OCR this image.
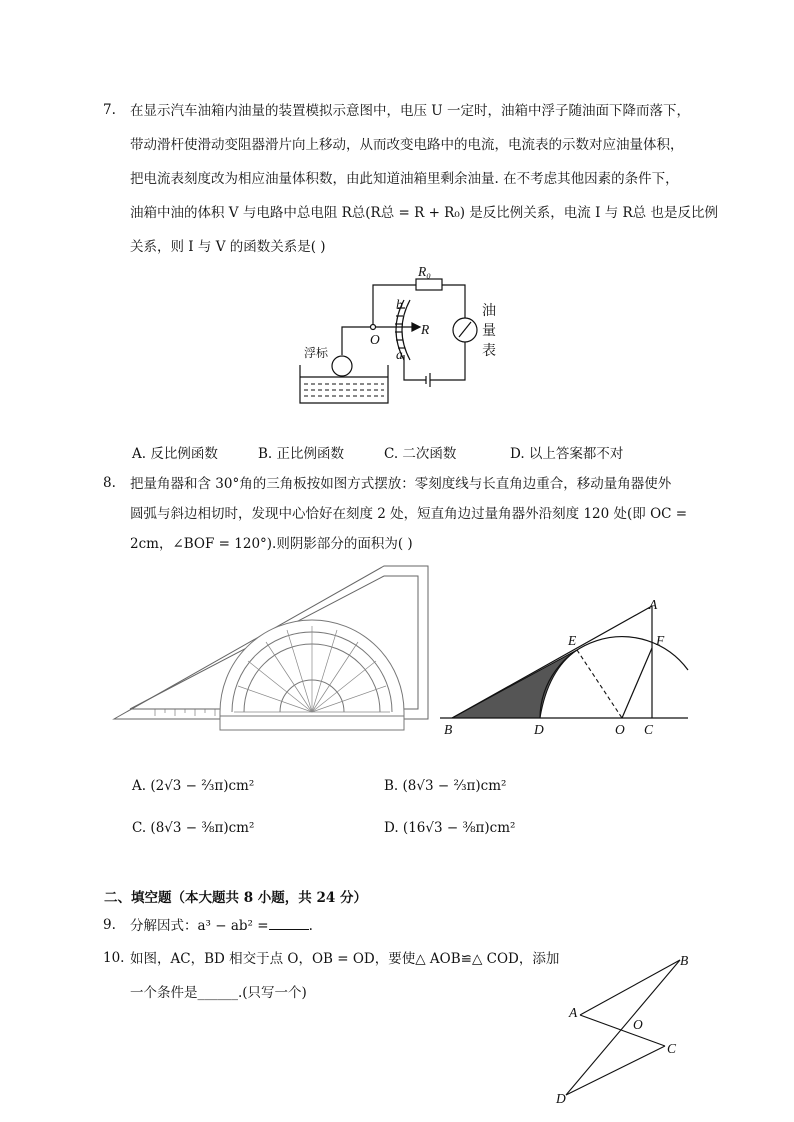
7. 在显示汽车油箱内油量的装置模拟示意图中，电压 U 一定时，油箱中浮子随油面下降而落下，
带动滑杆使滑动变阻器滑片向上移动，从而改变电路中的电流，电流表的示数对应油量体积，
把电流表刻度改为相应油量体积数，由此知道油箱里剩余油量. 在不考虑其他因素的条件下，
油箱中油的体积 V 与电路中总电阻 R总(R总 = R + R₀) 是反比例关系，电流 I 与 R总 也是反比例
关系，则 I 与 V 的函数关系是( )
R₀
b
R
O
a
浮标
油
量
表
A. 反比例函数	B. 正比例函数	C. 二次函数	D. 以上答案都不对
8. 把量角器和含 30°角的三角板按如图方式摆放：零刻度线与长直角边重合，移动量角器使外
圆弧与斜边相切时，发现中心恰好在刻度 2 处，短直角边过量角器外沿刻度 120 处(即 OC =
2cm，∠BOF = 120°).则阴影部分的面积为( )
A
E	F
B	D	O C
A. (2√3 − ⅔π)cm²	B. (8√3 − ⅔π)cm²
C. (8√3 − ⅜π)cm²	D. (16√3 − ⅜π)cm²
二、填空题（本大题共 8 小题，共 24 分）
9. 分解因式：a³ − ab² =	.
10. 如图，AC，BD 相交于点 O，OB = OD，要使△ AOB≌△ COD，添加
一个条件是______.(只写一个)
B
A
O
C
D
